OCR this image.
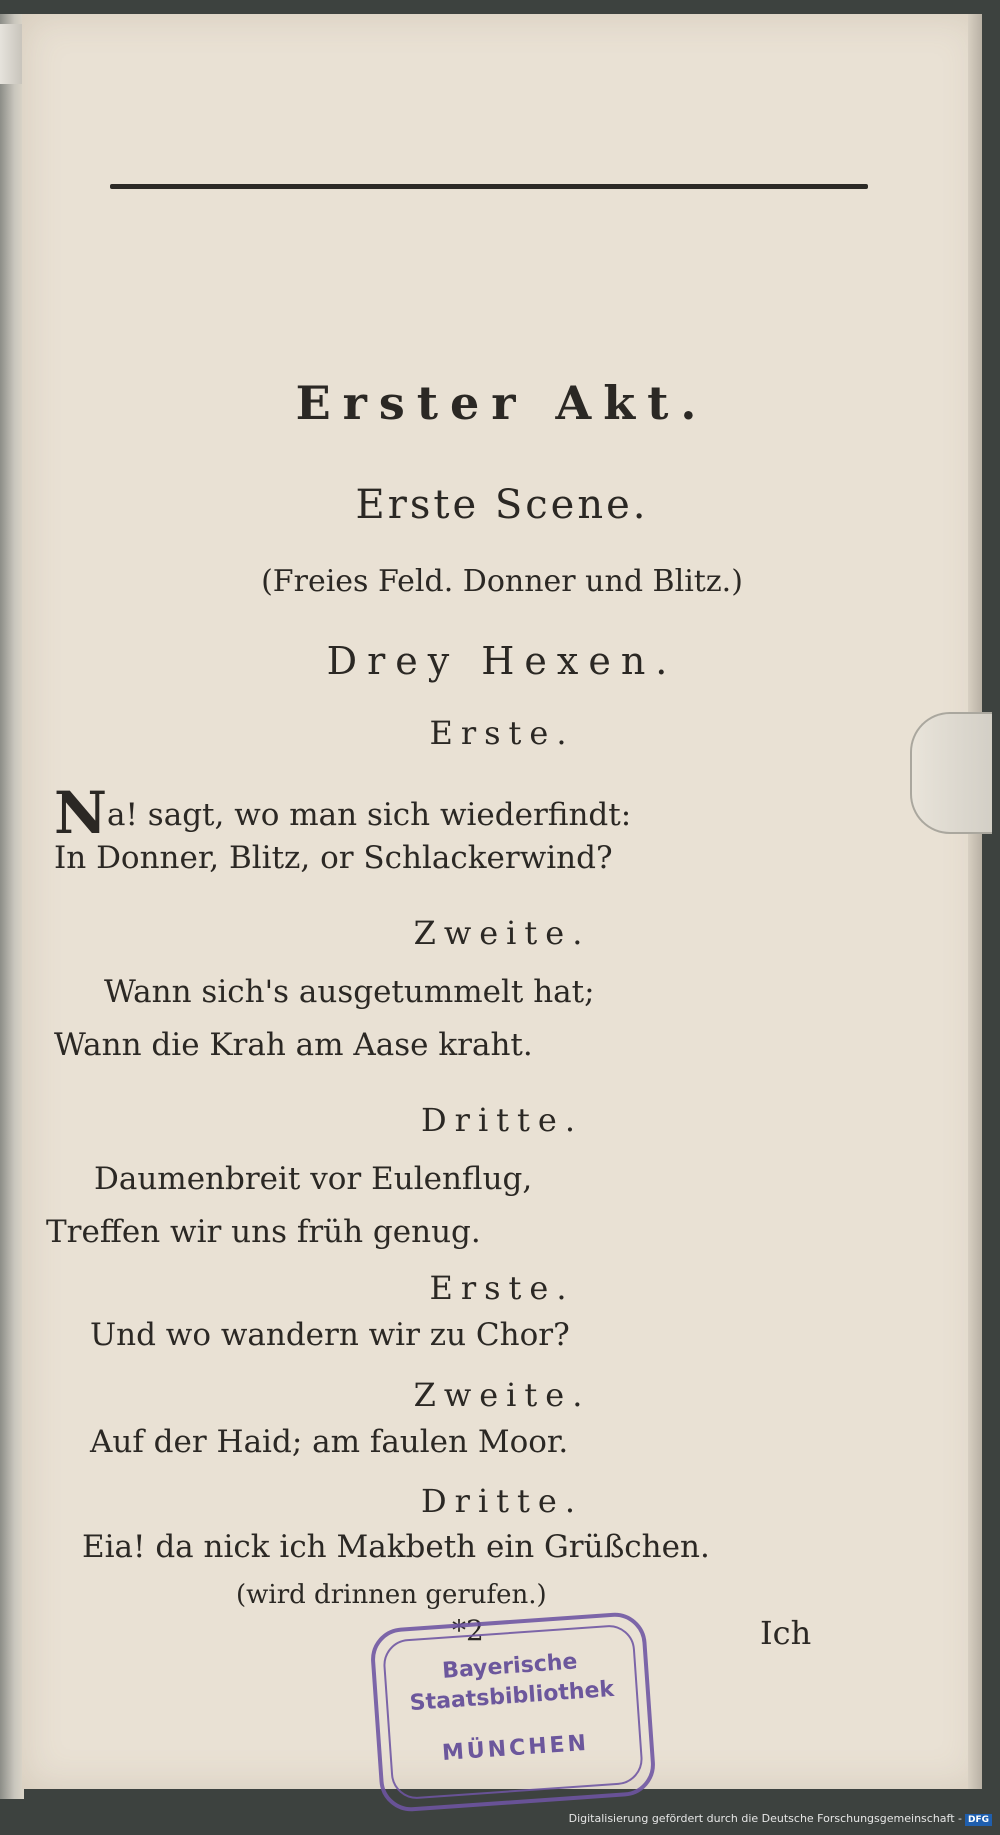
Erster Akt.

Erste Scene.

(Freies Feld. Donner und Blitz.)

Drey Hexen.

Erste.

Na! sagt, wo man sich wiederfindt:

In Donner, Blitz, or Schlackerwind?

Zweite.

Wann sich's ausgetummelt hat;

Wann die Krah am Aase kraht.

Dritte.

Daumenbreit vor Eulenflug,

Treffen wir uns früh genug.

Erste.

Und wo wandern wir zu Chor?

Zweite.

Auf der Haid; am faulen Moor.

Dritte.

Eia! da nick ich Makbeth ein Grüßchen.

(wird drinnen gerufen.)

*2	Ich

Bayerische
Staatsbibliothek
MÜNCHEN
Digitalisierung gefördert durch die Deutsche Forschungsgemeinschaft - DFG
